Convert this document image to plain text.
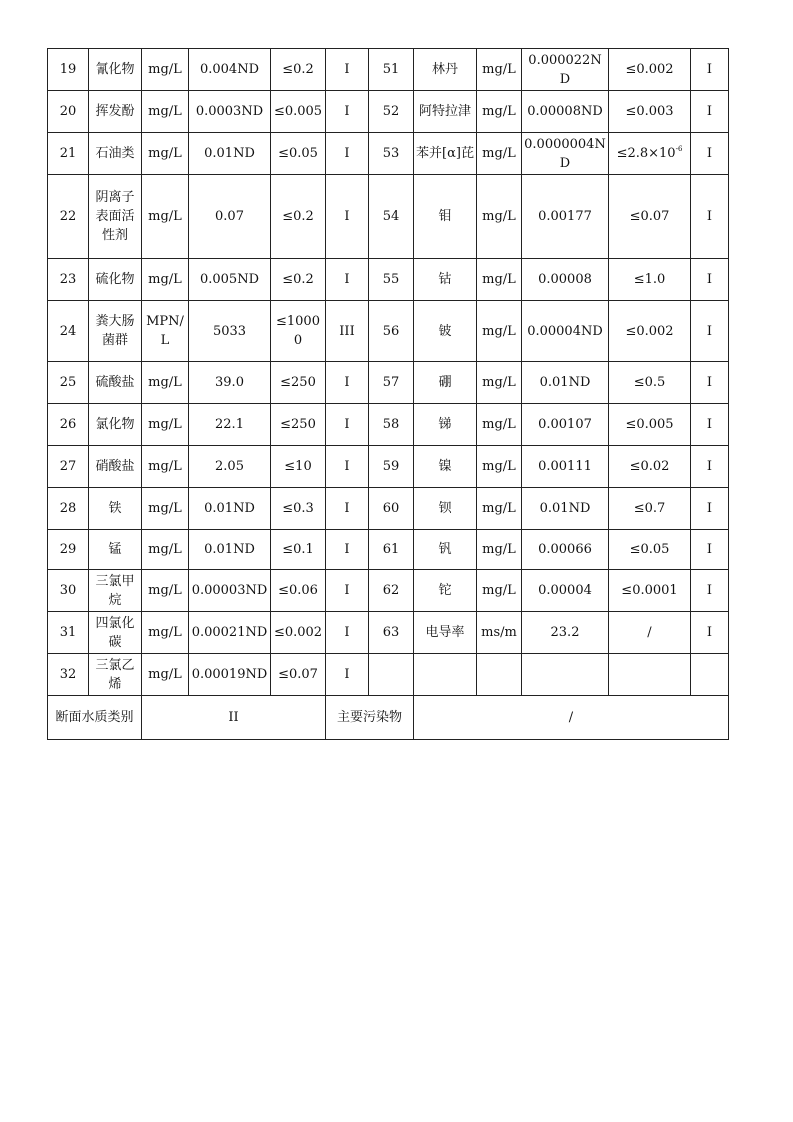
19	氰化物	mg/L	0.004ND	≤0.2	I	51	林丹	mg/L	0.000022ND	≤0.002	I
20	挥发酚	mg/L	0.0003ND	≤0.005	I	52	阿特拉津	mg/L	0.00008ND	≤0.003	I
21	石油类	mg/L	0.01ND	≤0.05	I	53	苯并[α]芘	mg/L	0.0000004ND	$\le 2.8\times 10^{-6}$	I
22	阴离子表面活性剂	mg/L	0.07	≤0.2	I	54	钼	mg/L	0.00177	≤0.07	I
23	硫化物	mg/L	0.005ND	≤0.2	I	55	钴	mg/L	0.00008	≤1.0	I
24	粪大肠菌群	MPN/L	5033	≤10000	III	56	铍	mg/L	0.00004ND	≤0.002	I
25	硫酸盐	mg/L	39.0	≤250	I	57	硼	mg/L	0.01ND	≤0.5	I
26	氯化物	mg/L	22.1	≤250	I	58	锑	mg/L	0.00107	≤0.005	I
27	硝酸盐	mg/L	2.05	≤10	I	59	镍	mg/L	0.00111	≤0.02	I
28	铁	mg/L	0.01ND	≤0.3	I	60	钡	mg/L	0.01ND	≤0.7	I
29	锰	mg/L	0.01ND	≤0.1	I	61	钒	mg/L	0.00066	≤0.05	I
30	三氯甲烷	mg/L	0.00003ND	≤0.06	I	62	铊	mg/L	0.00004	≤0.0001	I
31	四氯化碳	mg/L	0.00021ND	≤0.002	I	63	电导率	ms/m	23.2	/	I
32	三氯乙烯	mg/L	0.00019ND	≤0.07	I						
断面水质类别		II			主要污染物		/				
